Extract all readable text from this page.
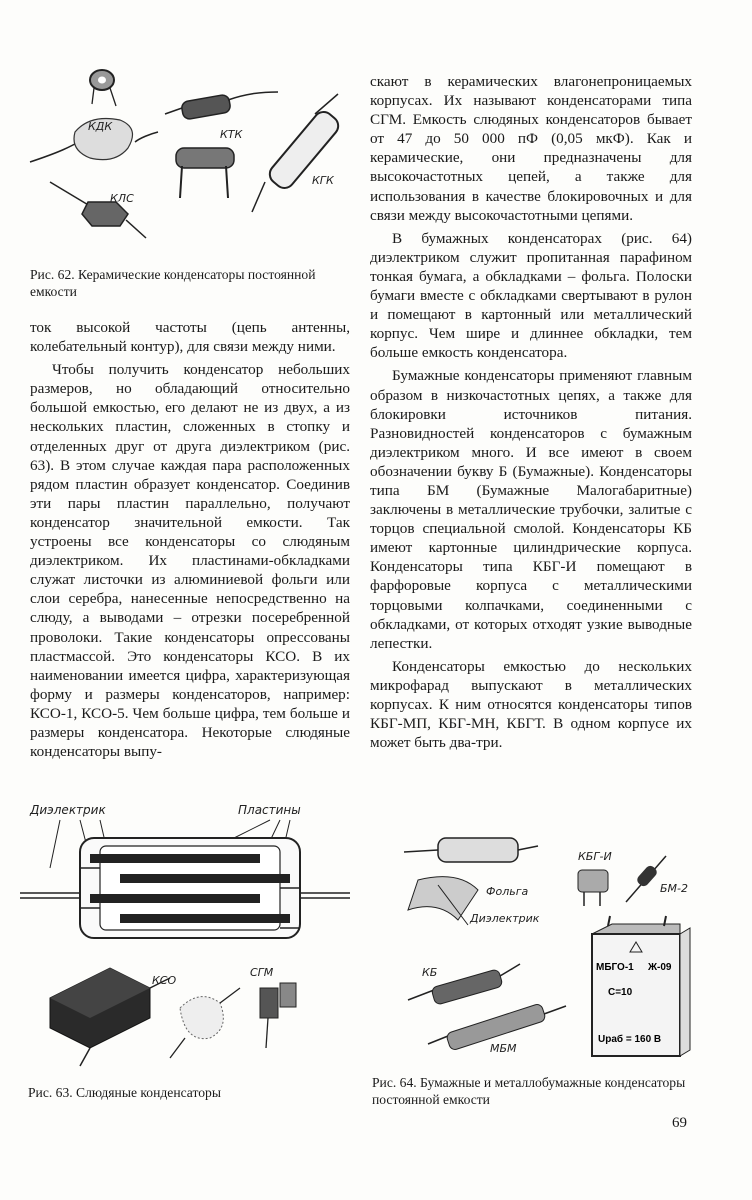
КДК
КТК
КЛС
КГК
Рис. 62. Керамические конденсаторы постоянной емкости

ток высокой частоты (цепь антенны, колебательный контур), для связи между ними.

Чтобы получить конденсатор небольших размеров, но обладающий относительно большой емкостью, его делают не из двух, а из нескольких пластин, сложенных в стопку и отделенных друг от друга диэлектриком (рис. 63). В этом случае каждая пара расположенных рядом пластин образует конденсатор. Соединив эти пары пластин параллельно, получают конденсатор значительной емкости. Так устроены все конденсаторы со слюдяным диэлектриком. Их пластинами-обкладками служат листочки из алюминиевой фольги или слои серебра, нанесенные непосредственно на слюду, а выводами – отрезки посеребренной проволоки. Такие конденсаторы опрессованы пластмассой. Это конденсаторы КСО. В их наименовании имеется цифра, характеризующая форму и размеры конденсаторов, например: КСО-1, КСО-5. Чем больше цифра, тем больше и размеры конденсатора. Некоторые слюдяные конденсаторы выпу-

скают в керамических влагонепроницаемых корпусах. Их называют конденсаторами типа СГМ. Емкость слюдяных конденсаторов бывает от 47 до 50 000 пФ (0,05 мкФ). Как и керамические, они предназначены для высокочастотных цепей, а также для использования в качестве блокировочных и для связи между высокочастотными цепями.

В бумажных конденсаторах (рис. 64) диэлектриком служит пропитанная парафином тонкая бумага, а обкладками – фольга. Полоски бумаги вместе с обкладками свертывают в рулон и помещают в картонный или металлический корпус. Чем шире и длиннее обкладки, тем больше емкость конденсатора.

Бумажные конденсаторы применяют главным образом в низкочастотных цепях, а также для блокировки источников питания. Разновидностей конденсаторов с бумажным диэлектриком много. И все имеют в своем обозначении букву Б (Бумажные). Конденсаторы типа БМ (Бумажные Малогабаритные) заключены в металлические трубочки, залитые с торцов специальной смолой. Конденсаторы КБ имеют картонные цилиндрические корпуса. Конденсаторы типа КБГ-И помещают в фарфоровые корпуса с металлическими торцовыми колпачками, соединенными с обкладками, от которых отходят узкие выводные лепестки.

Конденсаторы емкостью до нескольких микрофарад выпускают в металлических корпусах. К ним относятся конденсаторы типов КБГ-МП, КБГ-МН, КБГТ. В одном корпусе их может быть два-три.

Диэлектрик	Пластины
КСО
СГМ
Рис. 63. Слюдяные конденсаторы
Фольга
Диэлектрик
КБГ-И
БМ-2
КБ
МБМ
МБГО-1 Ж-09
С=10
Uраб = 160 В
Рис. 64. Бумажные и металлобумажные конденсаторы постоянной емкости
69
